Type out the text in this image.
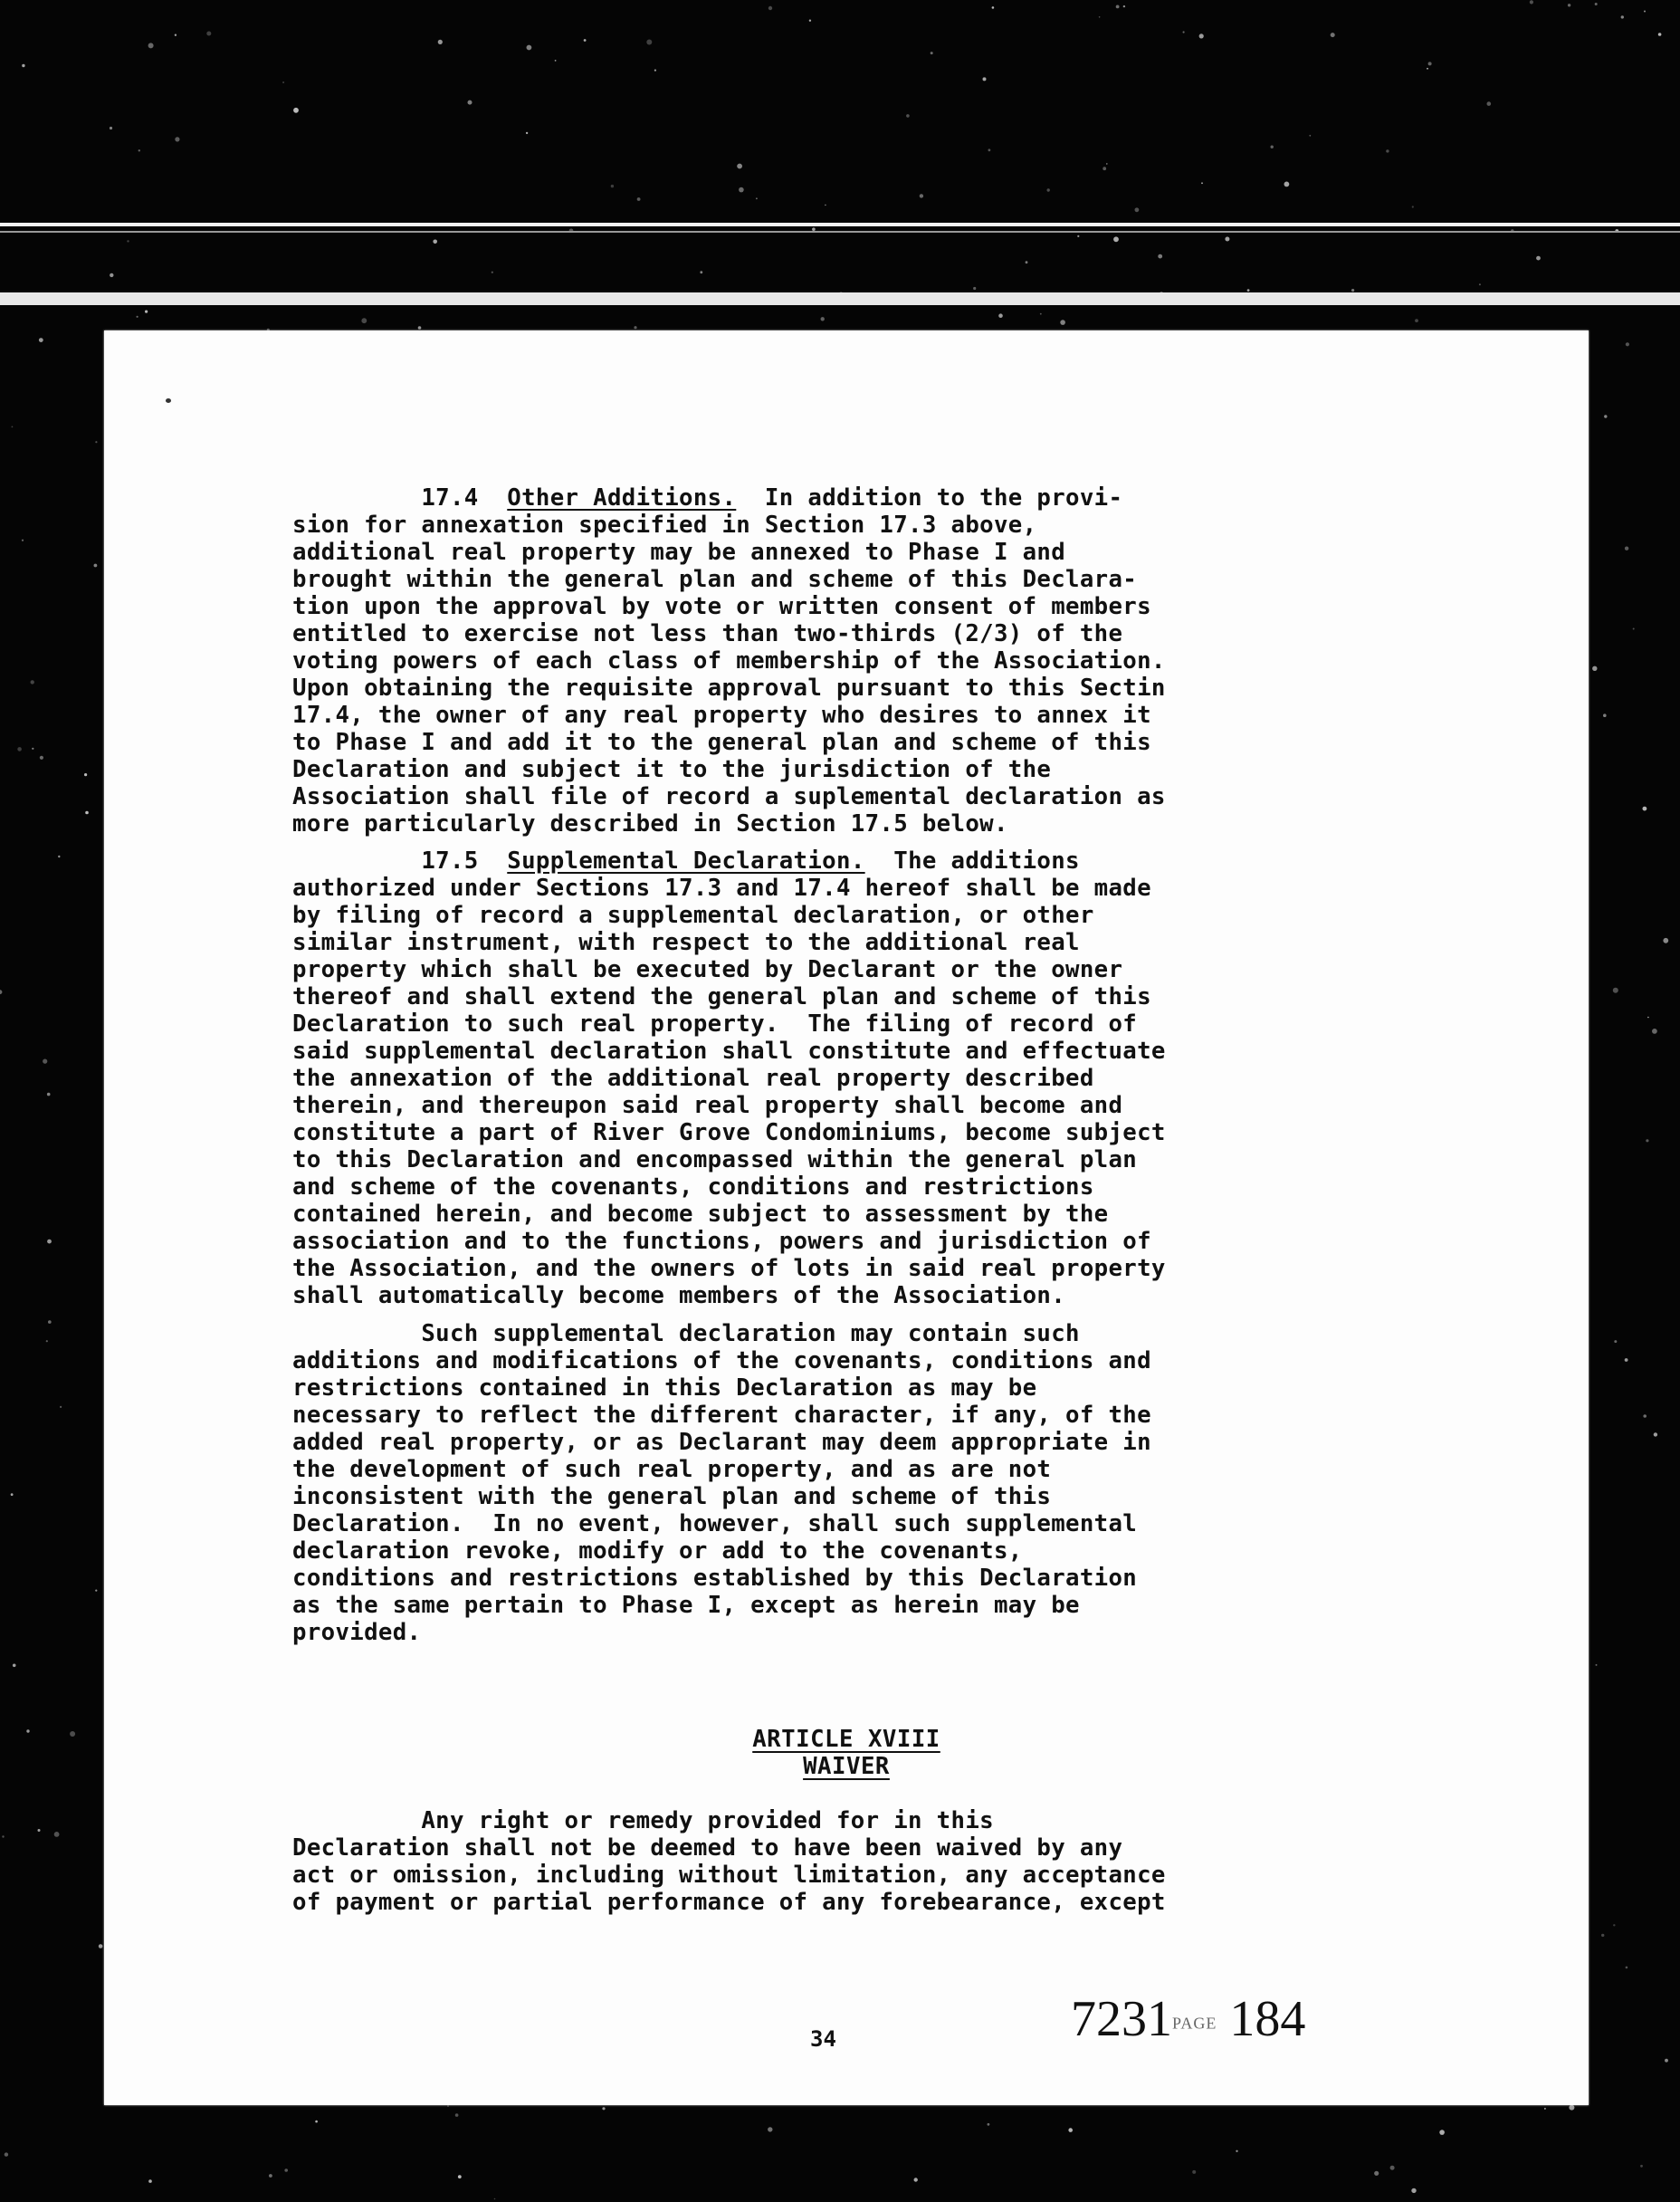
17.4 Other Additions.  In addition to the provi-
sion for annexation specified in Section 17.3 above,
additional real property may be annexed to Phase I and
brought within the general plan and scheme of this Declara-
tion upon the approval by vote or written consent of members
entitled to exercise not less than two-thirds (2/3) of the
voting powers of each class of membership of the Association.
Upon obtaining the requisite approval pursuant to this Sectin
17.4, the owner of any real property who desires to annex it
to Phase I and add it to the general plan and scheme of this
Declaration and subject it to the jurisdiction of the
Association shall file of record a suplemental declaration as
more particularly described in Section 17.5 below.
17.5 Supplemental Declaration.  The additions
authorized under Sections 17.3 and 17.4 hereof shall be made
by filing of record a supplemental declaration, or other
similar instrument, with respect to the additional real
property which shall be executed by Declarant or the owner
thereof and shall extend the general plan and scheme of this
Declaration to such real property.  The filing of record of
said supplemental declaration shall constitute and effectuate
the annexation of the additional real property described
therein, and thereupon said real property shall become and
constitute a part of River Grove Condominiums, become subject
to this Declaration and encompassed within the general plan
and scheme of the covenants, conditions and restrictions
contained herein, and become subject to assessment by the
association and to the functions, powers and jurisdiction of
the Association, and the owners of lots in said real property
shall automatically become members of the Association.
Such supplemental declaration may contain such
additions and modifications of the covenants, conditions and
restrictions contained in this Declaration as may be
necessary to reflect the different character, if any, of the
added real property, or as Declarant may deem appropriate in
the development of such real property, and as are not
inconsistent with the general plan and scheme of this
Declaration.  In no event, however, shall such supplemental
declaration revoke, modify or add to the covenants,
conditions and restrictions established by this Declaration
as the same pertain to Phase I, except as herein may be
provided.
ARTICLE XVIII
WAIVER
Any right or remedy provided for in this
Declaration shall not be deemed to have been waived by any
act or omission, including without limitation, any acceptance
of payment or partial performance of any forebearance, except
34	7231PAGE 184
